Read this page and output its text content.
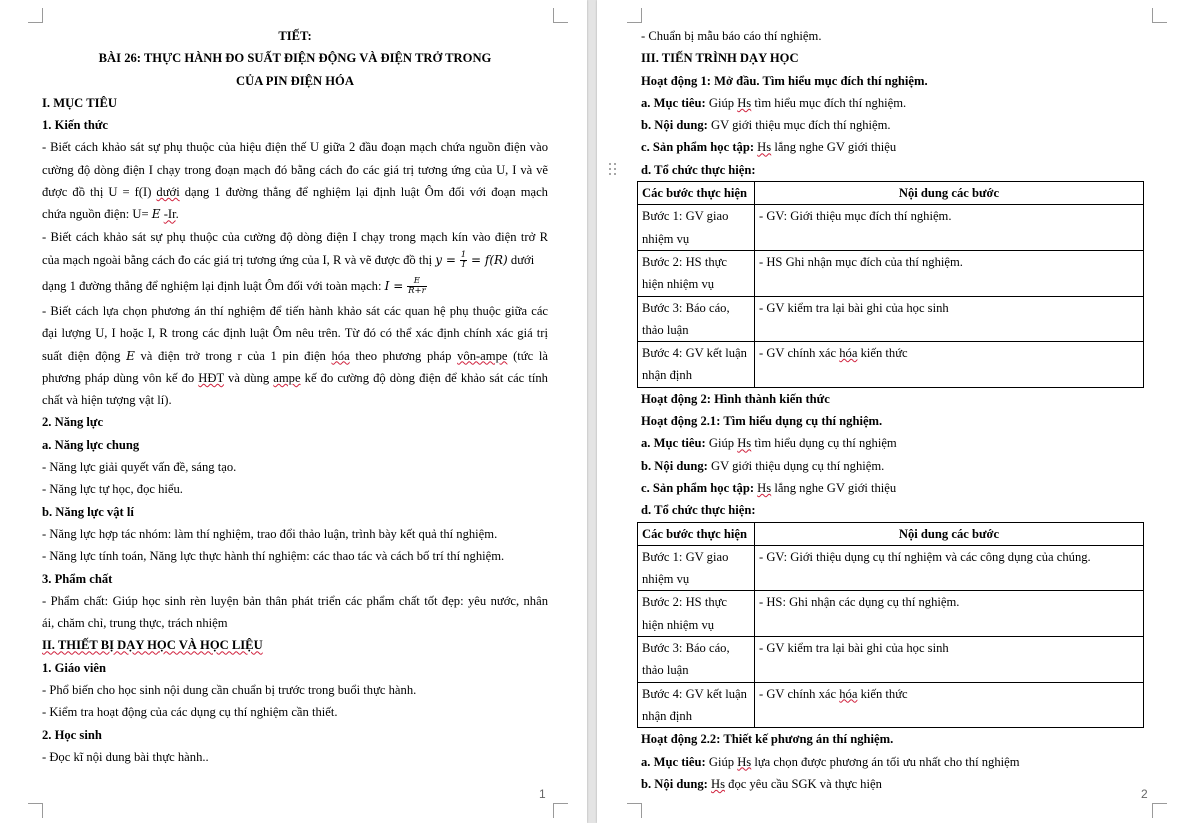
TIẾT:
BÀI 26: THỰC HÀNH ĐO SUẤT ĐIỆN ĐỘNG VÀ ĐIỆN TRỞ TRONG
CỦA PIN ĐIỆN HÓA
I. MỤC TIÊU
1. Kiến thức
- Biết cách khảo sát sự phụ thuộc của hiệu điện thế U giữa 2 đầu đoạn mạch chứa nguồn điện vào
cường độ dòng điện I chạy trong đoạn mạch đó bằng cách đo các giá trị tương ứng của U, I và vẽ
được đồ thị U = f(I) dưới dạng 1 đường thẳng để nghiệm lại định luật Ôm đối với đoạn mạch
chứa nguồn điện: U= E -Ir.
- Biết cách khảo sát sự phụ thuộc của cường độ dòng điện I chạy trong mạch kín vào điện trở R
của mạch ngoài bằng cách đo các giá trị tương ứng của I, R và vẽ được đồ thị $y = \frac{1}{I} = f(R)$ dưới
dạng 1 đường thẳng để nghiệm lại định luật Ôm đối với toàn mạch: $I = \frac{E}{R+r}$
- Biết cách lựa chọn phương án thí nghiệm để tiến hành khảo sát các quan hệ phụ thuộc giữa các
đại lượng U, I hoặc I, R trong các định luật Ôm nêu trên. Từ đó có thể xác định chính xác giá trị
suất điện động E và điện trở trong r của 1 pin điện hóa theo phương pháp vôn-ampe (tức là
phương pháp dùng vôn kế đo HĐT và dùng ampe kế đo cường độ dòng điện để khảo sát các tính
chất và hiện tượng vật lí).
2. Năng lực
a. Năng lực chung
- Năng lực giải quyết vấn đề, sáng tạo.
- Năng lực tự học, đọc hiểu.
b. Năng lực vật lí
- Năng lực hợp tác nhóm: làm thí nghiệm, trao đổi thảo luận, trình bày kết quả thí nghiệm.
- Năng lực tính toán, Năng lực thực hành thí nghiệm: các thao tác và cách bố trí thí nghiệm.
3. Phẩm chất
- Phẩm chất: Giúp học sinh rèn luyện bản thân phát triển các phẩm chất tốt đẹp: yêu nước, nhân
ái, chăm chỉ, trung thực, trách nhiệm
II. THIẾT BỊ DẠY HỌC VÀ HỌC LIỆU
1. Giáo viên
- Phổ biến cho học sinh nội dung cần chuẩn bị trước trong buổi thực hành.
- Kiểm tra hoạt động của các dụng cụ thí nghiệm cần thiết.
2. Học sinh
- Đọc kĩ nội dung bài thực hành..
1
- Chuẩn bị mẫu báo cáo thí nghiệm.
III. TIẾN TRÌNH DẠY HỌC
Hoạt động 1: Mở đầu. Tìm hiểu mục đích thí nghiệm.
a. Mục tiêu: Giúp Hs tìm hiểu mục đích thí nghiệm.
b. Nội dung: GV giới thiệu mục đích thí nghiệm.
c. Sản phẩm học tập: Hs lắng nghe GV giới thiệu
d. Tổ chức thực hiện:
Các bước thực hiện	Nội dung các bước

Bước 1: GV giao
nhiệm vụ	- GV: Giới thiệu mục đích thí nghiệm.

Bước 2: HS thực
hiện nhiệm vụ	- HS Ghi nhận mục đích của thí nghiệm.

Bước 3: Báo cáo,
thảo luận	- GV kiểm tra lại bài ghi của học sinh

Bước 4: GV kết luận
nhận định	- GV chính xác hóa kiến thức
Hoạt động 2: Hình thành kiến thức
Hoạt động 2.1: Tìm hiểu dụng cụ thí nghiệm.
a. Mục tiêu: Giúp Hs tìm hiểu dụng cụ thí nghiệm
b. Nội dung: GV giới thiệu dụng cụ thí nghiệm.
c. Sản phẩm học tập: Hs lắng nghe GV giới thiệu
d. Tổ chức thực hiện:
Các bước thực hiện	Nội dung các bước

Bước 1: GV giao
nhiệm vụ	- GV: Giới thiệu dụng cụ thí nghiệm và các công dụng của chúng.

Bước 2: HS thực
hiện nhiệm vụ	- HS: Ghi nhận các dụng cụ thí nghiệm.

Bước 3: Báo cáo,
thảo luận	- GV kiểm tra lại bài ghi của học sinh

Bước 4: GV kết luận
nhận định	- GV chính xác hóa kiến thức
Hoạt động 2.2: Thiết kế phương án thí nghiệm.
a. Mục tiêu: Giúp Hs lựa chọn được phương án tối ưu nhất cho thí nghiệm
b. Nội dung: Hs đọc yêu cầu SGK và thực hiện
2
